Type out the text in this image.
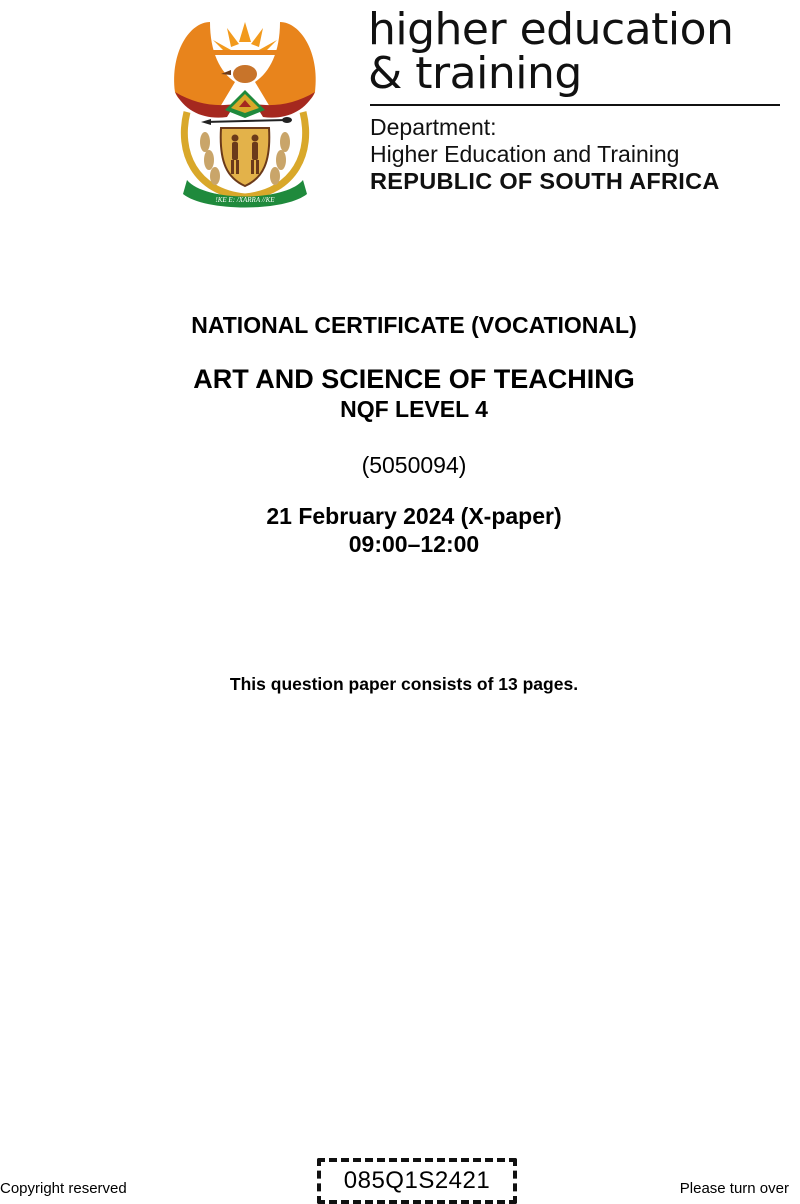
!KE E: /XARRA //KE
higher education
& training
Department:
Higher Education and Training
REPUBLIC OF SOUTH AFRICA
NATIONAL CERTIFICATE (VOCATIONAL)
ART AND SCIENCE OF TEACHING
NQF LEVEL 4
(5050094)
21 February 2024 (X-paper)
09:00–12:00
This question paper consists of 13 pages.
Copyright reserved	085Q1S2421	Please turn over
